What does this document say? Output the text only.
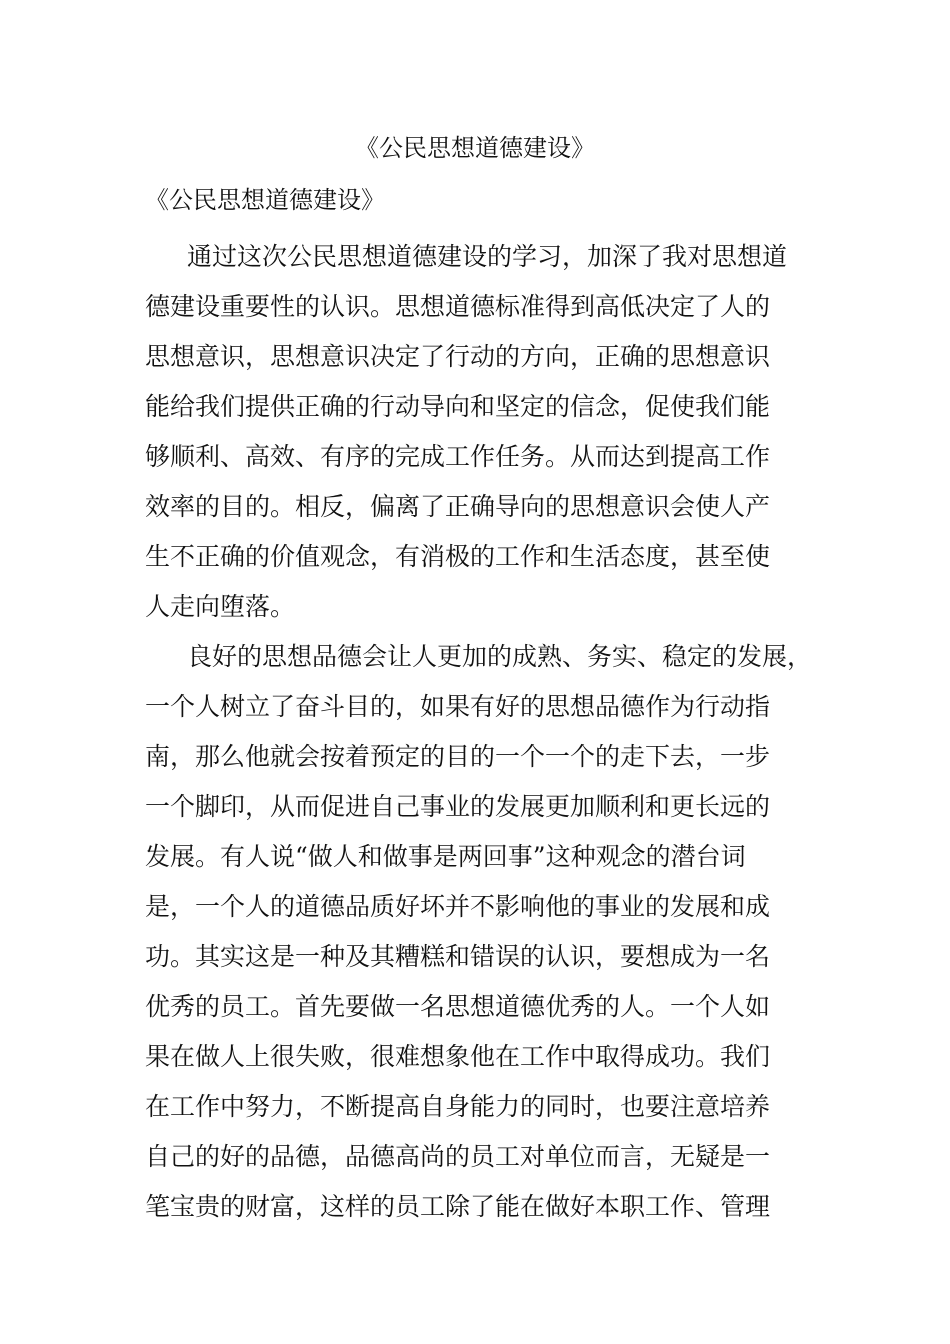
《公民思想道德建设》

《公民思想道德建设》

通过这次公民思想道德建设的学习，加深了我对思想道
德建设重要性的认识。思想道德标准得到高低决定了人的
思想意识，思想意识决定了行动的方向，正确的思想意识
能给我们提供正确的行动导向和坚定的信念，促使我们能
够顺利、高效、有序的完成工作任务。从而达到提高工作
效率的目的。相反，偏离了正确导向的思想意识会使人产
生不正确的价值观念，有消极的工作和生活态度，甚至使
人走向堕落。
良好的思想品德会让人更加的成熟、务实、稳定的发展，
一个人树立了奋斗目的，如果有好的思想品德作为行动指
南，那么他就会按着预定的目的一个一个的走下去，一步
一个脚印，从而促进自己事业的发展更加顺利和更长远的
发展。有人说“做人和做事是两回事”这种观念的潜台词
是，一个人的道德品质好坏并不影响他的事业的发展和成
功。其实这是一种及其糟糕和错误的认识，要想成为一名
优秀的员工。首先要做一名思想道德优秀的人。一个人如
果在做人上很失败，很难想象他在工作中取得成功。我们
在工作中努力，不断提高自身能力的同时，也要注意培养
自己的好的品德，品德高尚的员工对单位而言，无疑是一
笔宝贵的财富，这样的员工除了能在做好本职工作、管理
